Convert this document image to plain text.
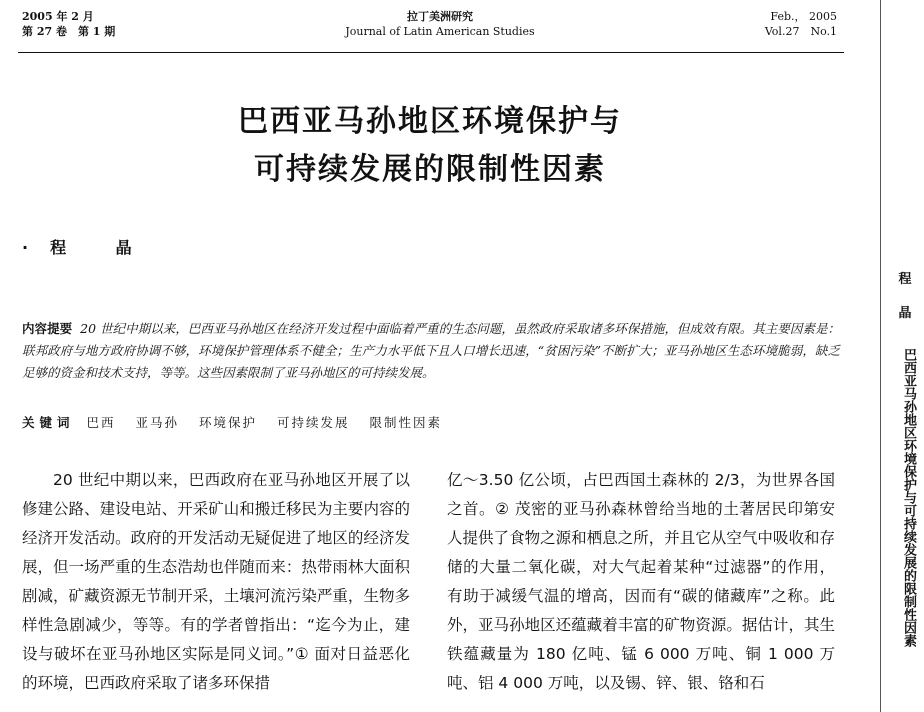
2005 年 2 月
第 27 卷　第 1 期
拉丁美洲研究
Journal of Latin American Studies
Feb.， 2005
Vol.27　No.1
巴西亚马孙地区环境保护与
可持续发展的限制性因素
·程 晶
内容提要 20 世纪中期以来，巴西亚马孙地区在经济开发过程中面临着严重的生态问题，虽然政府采取诸多环保措施，但成效有限。其主要因素是：联邦政府与地方政府协调不够，环境保护管理体系不健全；生产力水平低下且人口增长迅速，“贫困污染”不断扩大；亚马孙地区生态环境脆弱，缺乏足够的资金和技术支持，等等。这些因素限制了亚马孙地区的可持续发展。
关键词 巴西 亚马孙 环境保护 可持续发展 限制性因素
20 世纪中期以来，巴西政府在亚马孙地区开展了以修建公路、建设电站、开采矿山和搬迁移民为主要内容的经济开发活动。政府的开发活动无疑促进了地区的经济发展，但一场严重的生态浩劫也伴随而来：热带雨林大面积剧减，矿藏资源无节制开采，土壤河流污染严重，生物多样性急剧减少，等等。有的学者曾指出：“迄今为止，建设与破坏在亚马孙地区实际是同义词。”① 面对日益恶化的环境，巴西政府采取了诸多环保措
亿～3.50 亿公顷，占巴西国土森林的 2/3，为世界各国之首。② 茂密的亚马孙森林曾给当地的土著居民印第安人提供了食物之源和栖息之所，并且它从空气中吸收和存储的大量二氧化碳，对大气起着某种“过滤器”的作用，有助于减缓气温的增高，因而有“碳的储藏库”之称。此外，亚马孙地区还蕴藏着丰富的矿物资源。据估计，其生铁蕴藏量为 180 亿吨、锰 6 000 万吨、铜 1 000 万吨、铝 4 000 万吨，以及锡、锌、银、铬和石
程
晶
巴西亚马孙地区环境保护与可持续发展的限制性因素
